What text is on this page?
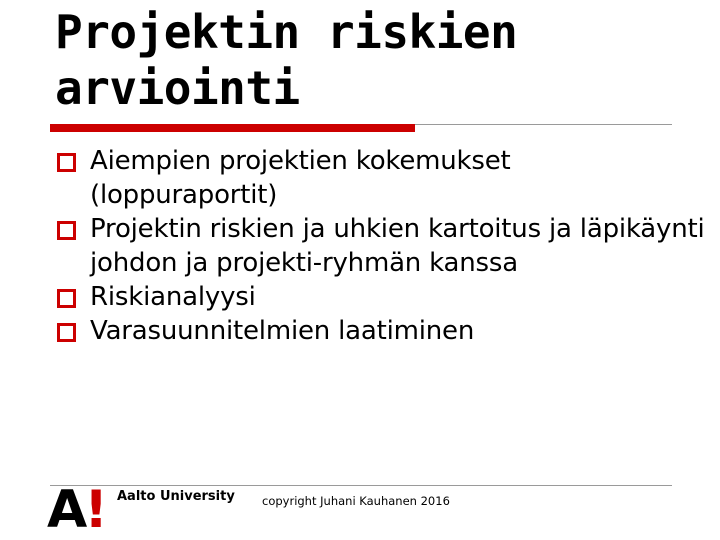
Projektin riskien arviointi
Aiempien projektien kokemukset (loppuraportit)
Projektin riskien ja uhkien kartoitus ja läpikäynti johdon ja projekti-ryhmän kanssa
Riskianalyysi
Varasuunnitelmien laatiminen
A! Aalto University copyright Juhani Kauhanen 2016
